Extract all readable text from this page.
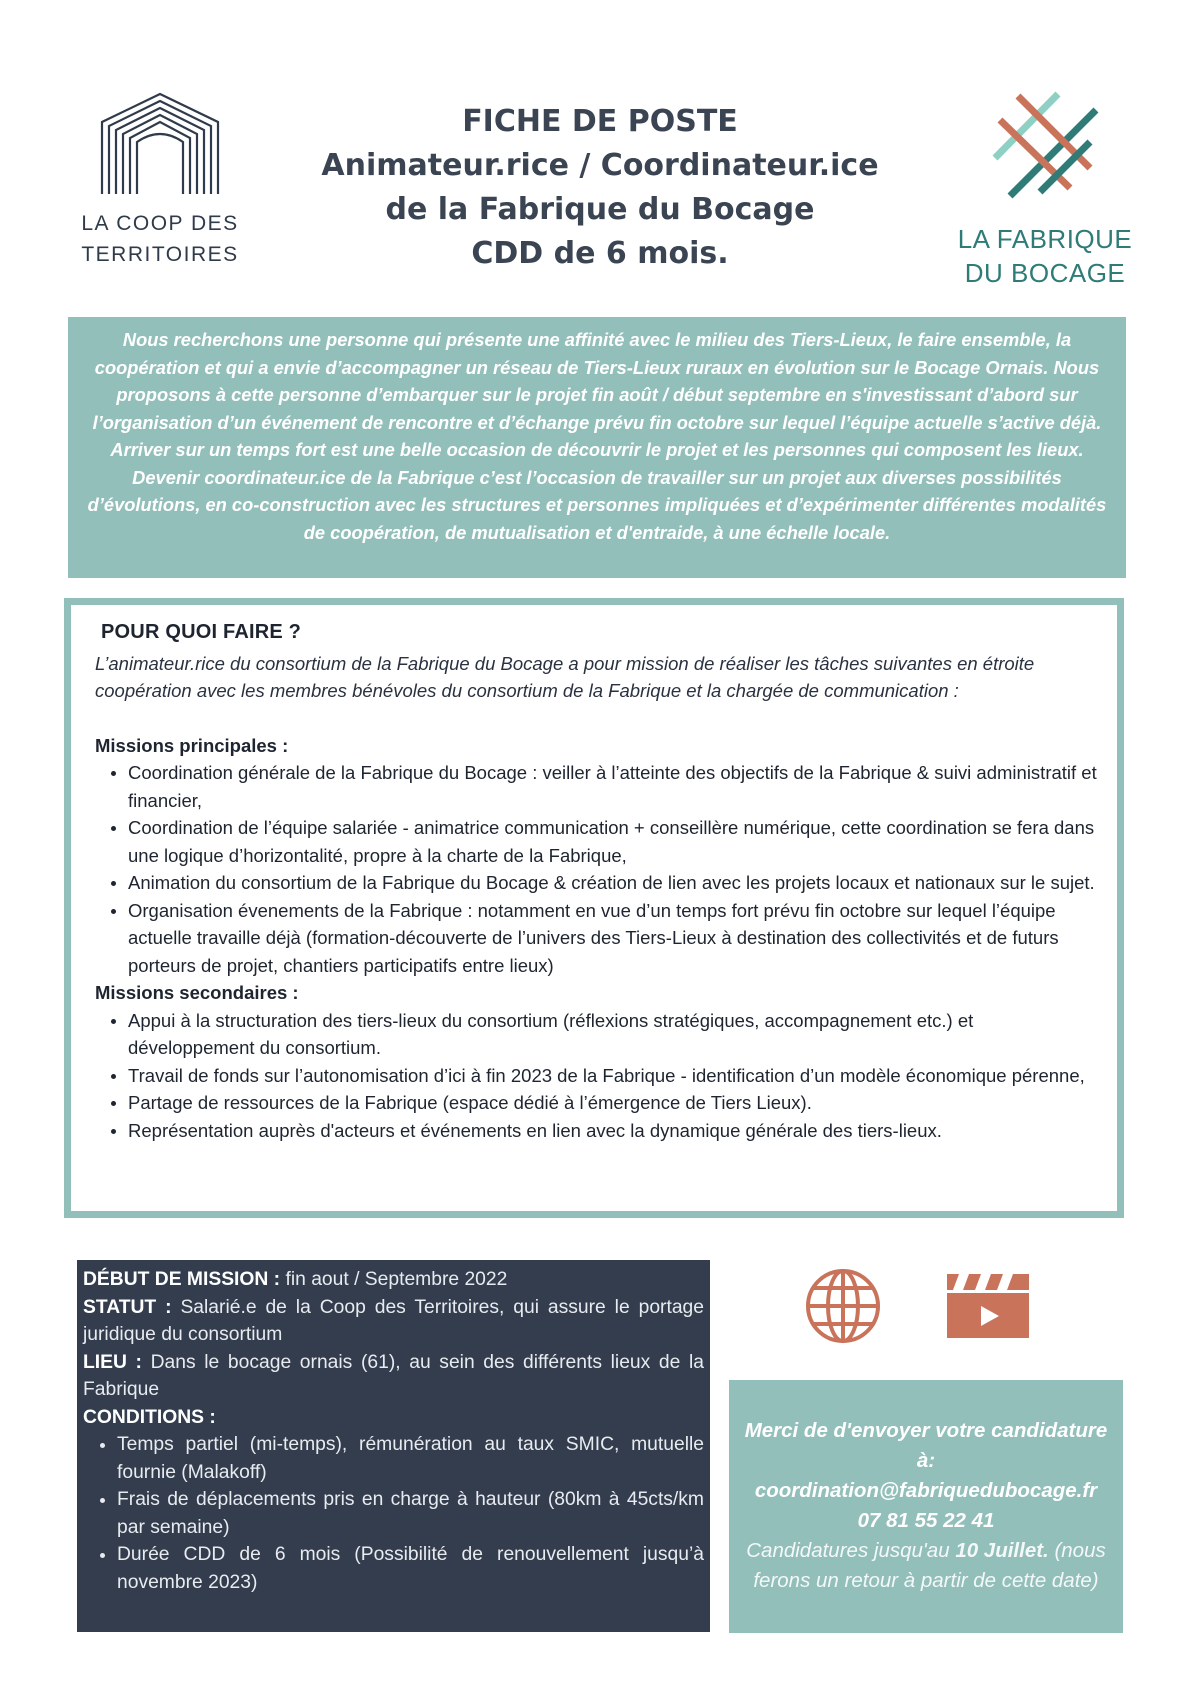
LA COOP DES
TERRITOIRES
FICHE DE POSTE
Animateur.rice / Coordinateur.ice
de la Fabrique du Bocage
CDD de 6 mois.	LA FABRIQUE
DU BOCAGE

Nous recherchons une personne qui présente une affinité avec le milieu des Tiers-Lieux, le faire ensemble, la coopération et qui a envie d’accompagner un réseau de Tiers-Lieux ruraux en évolution sur le Bocage Ornais. Nous proposons à cette personne d’embarquer sur le projet fin août / début septembre en s'investissant d’abord sur l’organisation d’un événement de rencontre et d’échange prévu fin octobre sur lequel l’équipe actuelle s’active déjà. Arriver sur un temps fort est une belle occasion de découvrir le projet et les personnes qui composent les lieux.

Devenir coordinateur.ice de la Fabrique c’est l’occasion de travailler sur un projet aux diverses possibilités d’évolutions, en co-construction avec les structures et personnes impliquées et d’expérimenter différentes modalités de coopération, de mutualisation et d'entraide, à une échelle locale.

POUR QUOI FAIRE ?

L’animateur.rice du consortium de la Fabrique du Bocage a pour mission de réaliser les tâches suivantes en étroite coopération avec les membres bénévoles du consortium de la Fabrique et la chargée de communication :

Missions principales :

• Coordination générale de la Fabrique du Bocage : veiller à l’atteinte des objectifs de la Fabrique & suivi administratif et financier,
• Coordination de l’équipe salariée - animatrice communication + conseillère numérique, cette coordination se fera dans une logique d’horizontalité, propre à la charte de la Fabrique,
• Animation du consortium de la Fabrique du Bocage & création de lien avec les projets locaux et nationaux sur le sujet.
• Organisation évenements de la Fabrique : notamment en vue d’un temps fort prévu fin octobre sur lequel l’équipe actuelle travaille déjà (formation-découverte de l’univers des Tiers-Lieux à destination des collectivités et de futurs porteurs de projet, chantiers participatifs entre lieux)

Missions secondaires :

• Appui à la structuration des tiers-lieux du consortium (réflexions stratégiques, accompagnement etc.) et développement du consortium.
• Travail de fonds sur l’autonomisation d’ici à fin 2023 de la Fabrique - identification d’un modèle économique pérenne,
• Partage de ressources de la Fabrique (espace dédié à l’émergence de Tiers Lieux).
• Représentation auprès d'acteurs et événements en lien avec la dynamique générale des tiers-lieux.

DÉBUT DE MISSION : fin aout / Septembre 2022

STATUT : Salarié.e de la Coop des Territoires, qui assure le portage juridique du consortium

LIEU : Dans le bocage ornais (61), au sein des différents lieux de la Fabrique

CONDITIONS :

• Temps partiel (mi-temps), rémunération au taux SMIC, mutuelle fournie (Malakoff)
• Frais de déplacements pris en charge à hauteur (80km à 45cts/km par semaine)
• Durée CDD de 6 mois (Possibilité de renouvellement jusqu’à novembre 2023)

Merci de d'envoyer votre candidature à:

coordination@fabriquedubocage.fr

07 81 55 22 41

Candidatures jusqu'au 10 Juillet. (nous ferons un retour à partir de cette date)
